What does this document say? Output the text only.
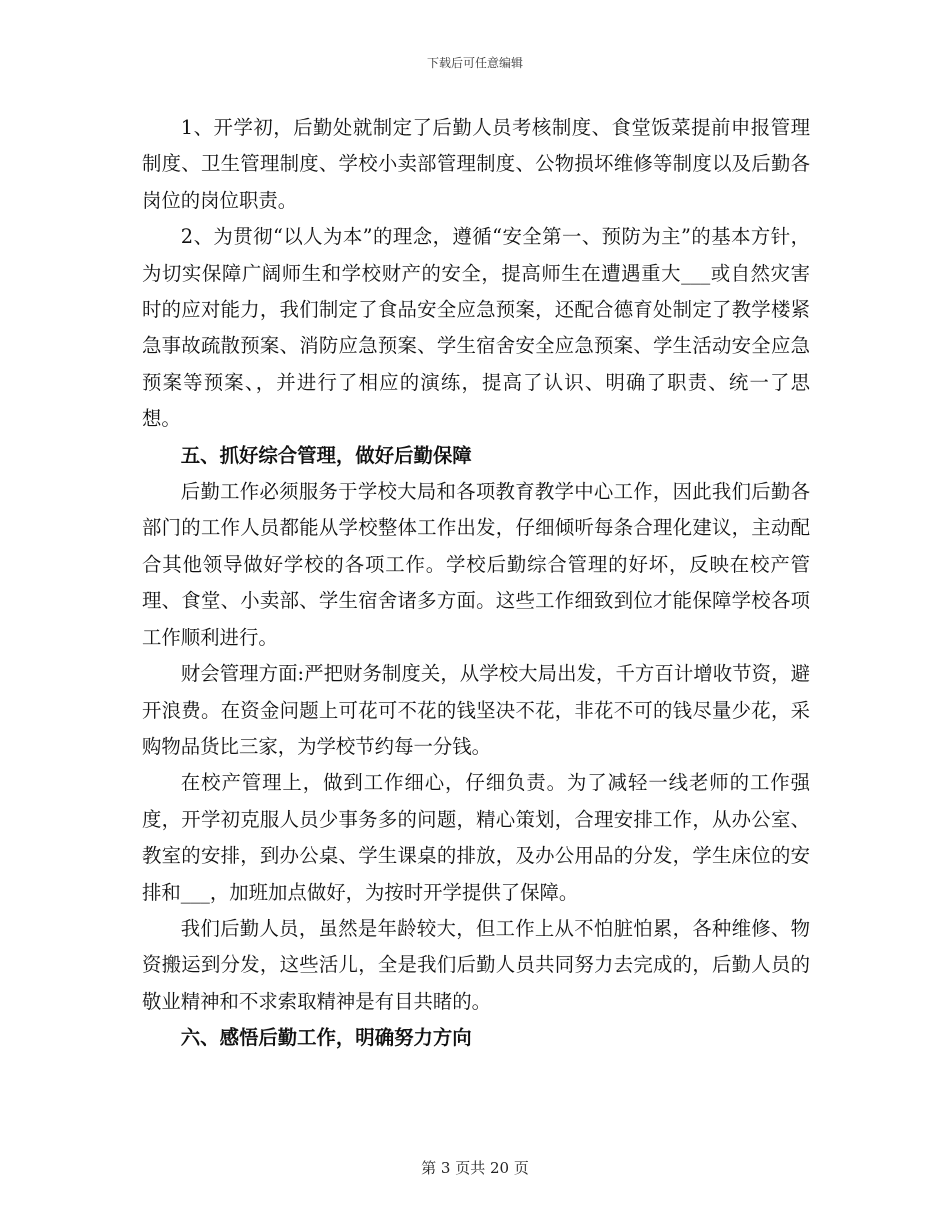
下载后可任意编辑

1、开学初，后勤处就制定了后勤人员考核制度、食堂饭菜提前申报管理制度、卫生管理制度、学校小卖部管理制度、公物损坏维修等制度以及后勤各岗位的岗位职责。

2、为贯彻“以人为本”的理念，遵循“安全第一、预防为主”的基本方针，为切实保障广阔师生和学校财产的安全，提高师生在遭遇重大___或自然灾害时的应对能力，我们制定了食品安全应急预案，还配合德育处制定了教学楼紧急事故疏散预案、消防应急预案、学生宿舍安全应急预案、学生活动安全应急预案等预案、，并进行了相应的演练，提高了认识、明确了职责、统一了思想。

五、抓好综合管理，做好后勤保障

后勤工作必须服务于学校大局和各项教育教学中心工作，因此我们后勤各部门的工作人员都能从学校整体工作出发，仔细倾听每条合理化建议，主动配合其他领导做好学校的各项工作。学校后勤综合管理的好坏，反映在校产管理、食堂、小卖部、学生宿舍诸多方面。这些工作细致到位才能保障学校各项工作顺利进行。

财会管理方面:严把财务制度关，从学校大局出发，千方百计增收节资，避开浪费。在资金问题上可花可不花的钱坚决不花，非花不可的钱尽量少花，采购物品货比三家，为学校节约每一分钱。

在校产管理上，做到工作细心，仔细负责。为了减轻一线老师的工作强度，开学初克服人员少事务多的问题，精心策划，合理安排工作，从办公室、教室的安排，到办公桌、学生课桌的排放，及办公用品的分发，学生床位的安排和___，加班加点做好，为按时开学提供了保障。

我们后勤人员，虽然是年龄较大，但工作上从不怕脏怕累，各种维修、物资搬运到分发，这些活儿，全是我们后勤人员共同努力去完成的，后勤人员的敬业精神和不求索取精神是有目共睹的。

六、感悟后勤工作，明确努力方向

第 3 页共 20 页
